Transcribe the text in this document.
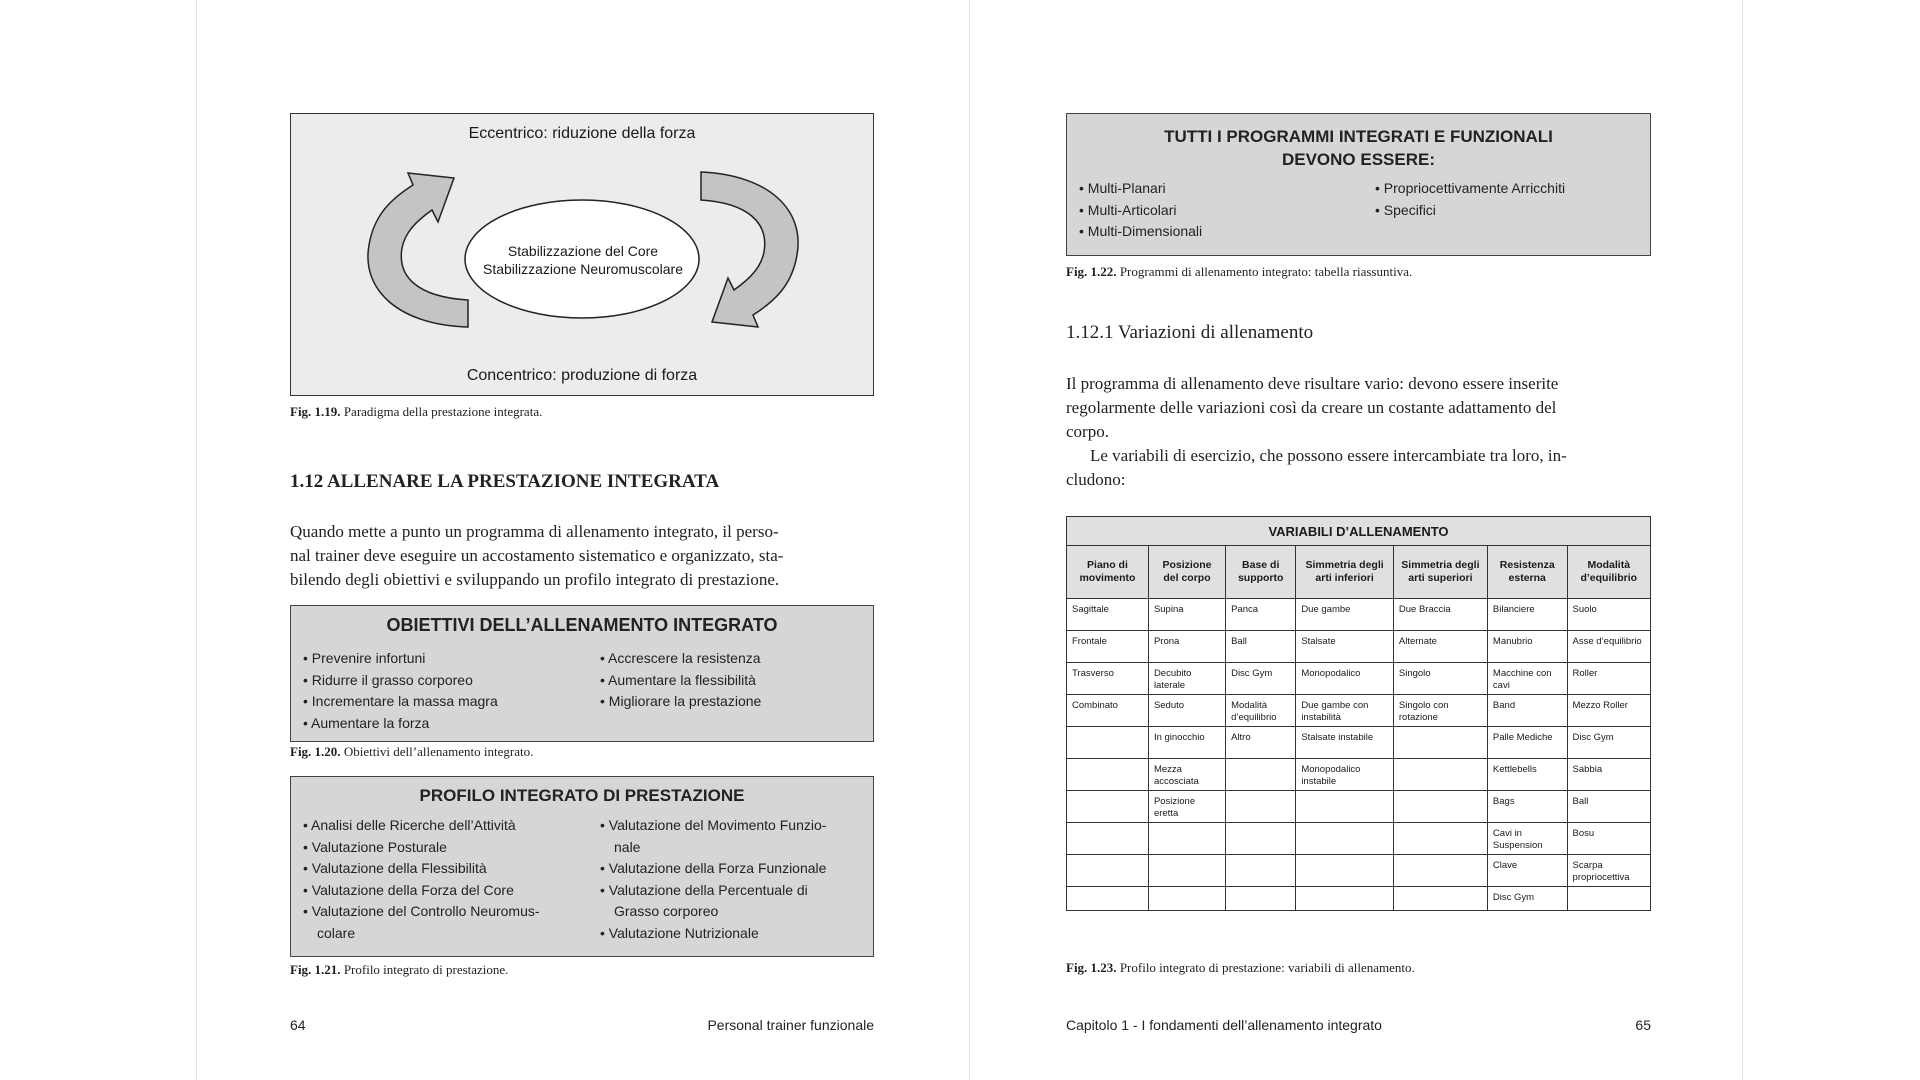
Eccentrico: riduzione della forza
Stabilizzazione del Core
Stabilizzazione Neuromuscolare
Concentrico: produzione di forza
Fig. 1.19. Paradigma della prestazione integrata.
1.12 ALLENARE LA PRESTAZIONE INTEGRATA
Quando mette a punto un programma di allenamento integrato, il perso-
nal trainer deve eseguire un accostamento sistematico e organizzato, sta-
bilendo degli obiettivi e sviluppando un profilo integrato di prestazione.
OBIETTIVI DELL’ALLENAMENTO INTEGRATO
• Prevenire infortuni
• Ridurre il grasso corporeo
• Incrementare la massa magra
• Aumentare la forza
• Accrescere la resistenza
• Aumentare la flessibilità
• Migliorare la prestazione
Fig. 1.20. Obiettivi dell’allenamento integrato.
PROFILO INTEGRATO DI PRESTAZIONE
• Analisi delle Ricerche dell’Attività
• Valutazione Posturale
• Valutazione della Flessibilità
• Valutazione della Forza del Core
• Valutazione del Controllo Neuromus- colare
• Valutazione del Movimento Funzio- nale
• Valutazione della Forza Funzionale
• Valutazione della Percentuale di Grasso corporeo
• Valutazione Nutrizionale
Fig. 1.21. Profilo integrato di prestazione.
64	Personal trainer funzionale
TUTTI I PROGRAMMI INTEGRATI E FUNZIONALI
DEVONO ESSERE:
• Multi-Planari
• Multi-Articolari
• Multi-Dimensionali
• Propriocettivamente Arricchiti
• Specifici
Fig. 1.22. Programmi di allenamento integrato: tabella riassuntiva.
1.12.1 Variazioni di allenamento
Il programma di allenamento deve risultare vario: devono essere inserite
regolarmente delle variazioni così da creare un costante adattamento del
corpo.
Le variabili di esercizio, che possono essere intercambiate tra loro, in-
cludono:
VARIABILI D’ALLENAMENTO						
Piano di movimento	Posizione del corpo	Base di supporto	Simmetria degli arti inferiori	Simmetria degli arti superiori	Resistenza esterna	Modalità d’equilibrio
Sagittale	Supina	Panca	Due gambe	Due Braccia	Bilanciere	Suolo
Frontale	Prona	Ball	Stalsate	Alternate	Manubrio	Asse d’equilibrio
Trasverso	Decubito laterale	Disc Gym	Monopodalico	Singolo	Macchine con cavi	Roller
Combinato	Seduto	Modalità d’equilibrio	Due gambe con instabilità	Singolo con rotazione	Band	Mezzo Roller
	In ginocchio	Altro	Stalsate instabile		Palle Mediche	Disc Gym
	Mezza accosciata		Monopodalico instabile		Kettlebells	Sabbia
	Posizione eretta				Bags	Ball
					Cavi in Suspension	Bosu
					Clave	Scarpa propriocettiva
					Disc Gym	
Fig. 1.23. Profilo integrato di prestazione: variabili di allenamento.
Capitolo 1 - I fondamenti dell’allenamento integrato	65
